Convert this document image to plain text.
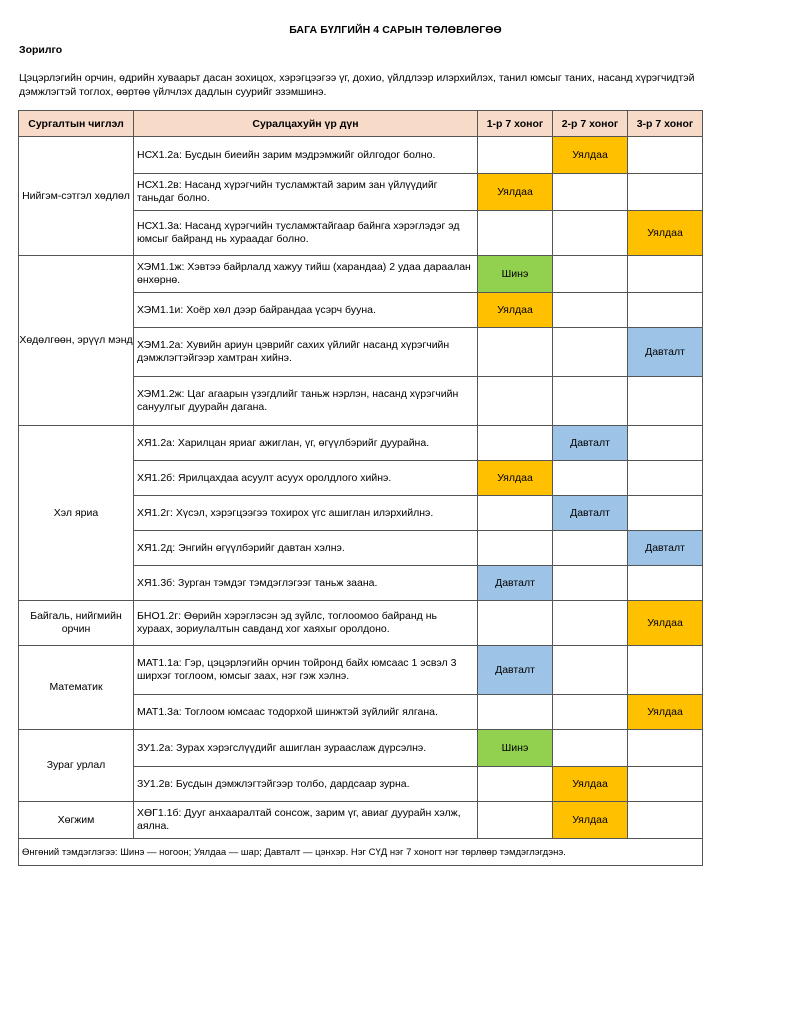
БАГА БҮЛГИЙН 4 САРЫН ТӨЛӨВЛӨГӨӨ
Зорилго
Цэцэрлэгийн орчин, өдрийн хуваарьт дасан зохицох, хэрэгцээгээ үг, дохио, үйлдлээр илэрхийлэх, танил юмсыг таних, насанд хүрэгчидтэй дэмжлэгтэй тоглох, өөртөө үйлчлэх дадлын суурийг эзэмшинэ.
Сургалтын чиглэл	Суралцахуйн үр дүн	1-р 7 хоног	2-р 7 хоног	3-р 7 хоног
Нийгэм-сэтгэл хөдлөл	НСХ1.2а: Бусдын биеийн зарим мэдрэмжийг ойлгодог болно.		Уялдаа	
	НСХ1.2в: Насанд хүрэгчийн тусламжтай зарим зан үйлүүдийг таньдаг болно.	Уялдаа		
	НСХ1.3а: Насанд хүрэгчийн тусламжтайгаар байнга хэрэглэдэг эд юмсыг байранд нь хураадаг болно.			Уялдаа
Хөдөлгөөн, эрүүл мэнд	ХЭМ1.1ж: Хэвтээ байрлалд хажуу тийш (харандаа) 2 удаа дараалан өнхөрнө.	Шинэ		
	ХЭМ1.1и: Хоёр хөл дээр байрандаа үсэрч бууна.	Уялдаа		
	ХЭМ1.2а: Хувийн ариун цэврийг сахих үйлийг насанд хүрэгчийн дэмжлэгтэйгээр хамтран хийнэ.			Давталт
	ХЭМ1.2ж: Цаг агаарын үзэгдлийг таньж нэрлэн, насанд хүрэгчийн сануулгыг дуурайн дагана.			
Хэл яриа	ХЯ1.2а: Харилцан яриаг ажиглан, үг, өгүүлбэрийг дуурайна.		Давталт	
	ХЯ1.2б: Ярилцахдаа асуулт асуух оролдлого хийнэ.	Уялдаа		
	ХЯ1.2г: Хүсэл, хэрэгцээгээ тохирох үгс ашиглан илэрхийлнэ.		Давталт	
	ХЯ1.2д: Энгийн өгүүлбэрийг давтан хэлнэ.			Давталт
	ХЯ1.3б: Зурган тэмдэг тэмдэглэгээг таньж заана.	Давталт		
Байгаль, нийгмийн орчин	БНО1.2г: Өөрийн хэрэглэсэн эд зүйлс, тоглоомоо байранд нь хураах, зориулалтын савданд хог хаяхыг оролдоно.			Уялдаа
Математик	МАТ1.1а: Гэр, цэцэрлэгийн орчин тойронд байх юмсаас 1 эсвэл 3 ширхэг тоглоом, юмсыг заах, нэг гэж хэлнэ.	Давталт		
	МАТ1.3а: Тоглоом юмсаас тодорхой шинжтэй зүйлийг ялгана.			Уялдаа
Зураг урлал	ЗУ1.2а: Зурах хэрэгслүүдийг ашиглан зураaслаж дүрсэлнэ.	Шинэ		
	ЗУ1.2в: Бусдын дэмжлэгтэйгээр толбо, дардсаар зурна.		Уялдаа	
Хөгжим	ХӨГ1.1б: Дууг анхааралтай сонсож, зарим үг, авиаг дуурайн хэлж, аялна.		Уялдаа	
Өнгөний тэмдэглэгээ: Шинэ — ногоон; Уялдаа — шар; Давталт — цэнхэр. Нэг СҮД нэг 7 хоногт нэг төрлөөр тэмдэглэгдэнэ.				
